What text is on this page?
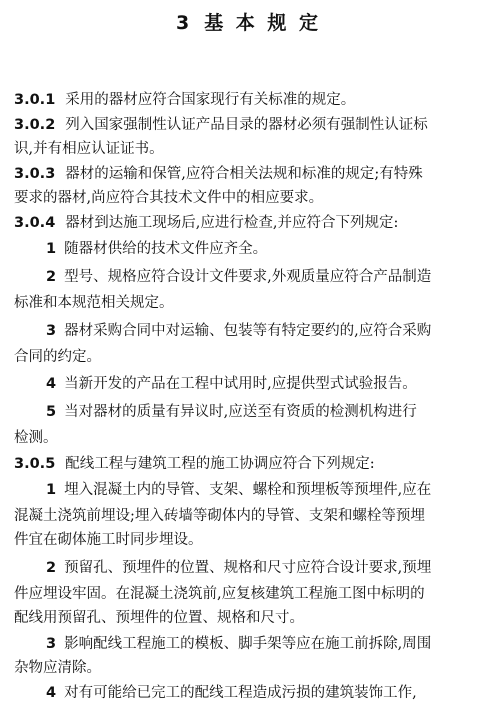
3 基 本 规 定
3.0.1 采用的器材应符合国家现行有关标准的规定。
3.0.2 列入国家强制性认证产品目录的器材必须有强制性认证标
识,并有相应认证证书。
3.0.3 器材的运输和保管,应符合相关法规和标准的规定;有特殊
要求的器材,尚应符合其技术文件中的相应要求。
3.0.4 器材到达施工现场后,应进行检查,并应符合下列规定:
1 随器材供给的技术文件应齐全。
2 型号、规格应符合设计文件要求,外观质量应符合产品制造
标准和本规范相关规定。
3 器材采购合同中对运输、包装等有特定要约的,应符合采购
合同的约定。
4 当新开发的产品在工程中试用时,应提供型式试验报告。
5 当对器材的质量有异议时,应送至有资质的检测机构进行
检测。
3.0.5 配线工程与建筑工程的施工协调应符合下列规定:
1 埋入混凝土内的导管、支架、螺栓和预埋板等预埋件,应在
混凝土浇筑前埋设;埋入砖墙等砌体内的导管、支架和螺栓等预埋
件宜在砌体施工时同步埋设。
2 预留孔、预埋件的位置、规格和尺寸应符合设计要求,预埋
件应埋设牢固。在混凝土浇筑前,应复核建筑工程施工图中标明的
配线用预留孔、预埋件的位置、规格和尺寸。
3 影响配线工程施工的模板、脚手架等应在施工前拆除,周围
杂物应清除。
4 对有可能给已完工的配线工程造成污损的建筑装饰工作,
